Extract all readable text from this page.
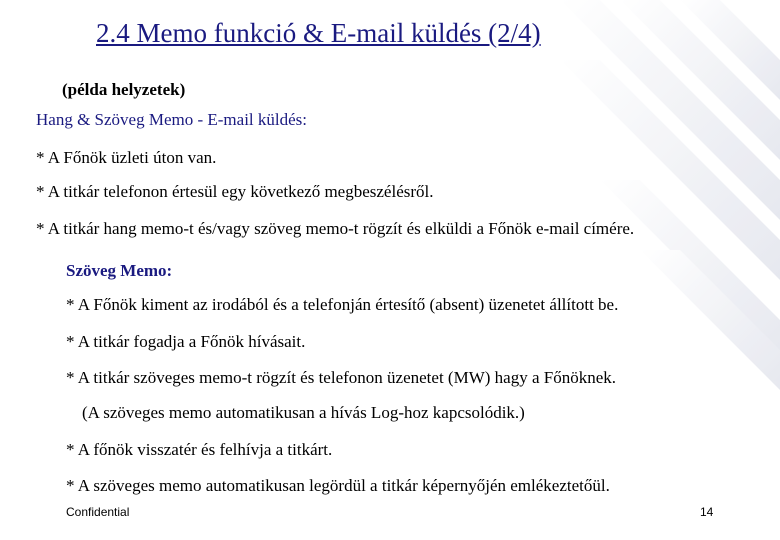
2.4 Memo funkció & E-mail küldés (2/4)
(példa helyzetek)
Hang & Szöveg Memo - E-mail küldés:
* A Főnök üzleti úton van.
* A titkár telefonon értesül egy következő megbeszélésről.
* A titkár hang memo-t és/vagy szöveg memo-t rögzít és elküldi a Főnök e-mail címére.
Szöveg Memo:
* A Főnök kiment az irodából és a telefonján értesítő (absent) üzenetet állított be.
* A titkár fogadja a Főnök hívásait.
* A titkár szöveges memo-t rögzít és telefonon üzenetet (MW) hagy a Főnöknek.
(A szöveges memo automatikusan a hívás Log-hoz kapcsolódik.)
* A főnök visszatér és felhívja a titkárt.
* A szöveges memo automatikusan legördül a titkár képernyőjén emlékeztetőül.
Confidential	14
